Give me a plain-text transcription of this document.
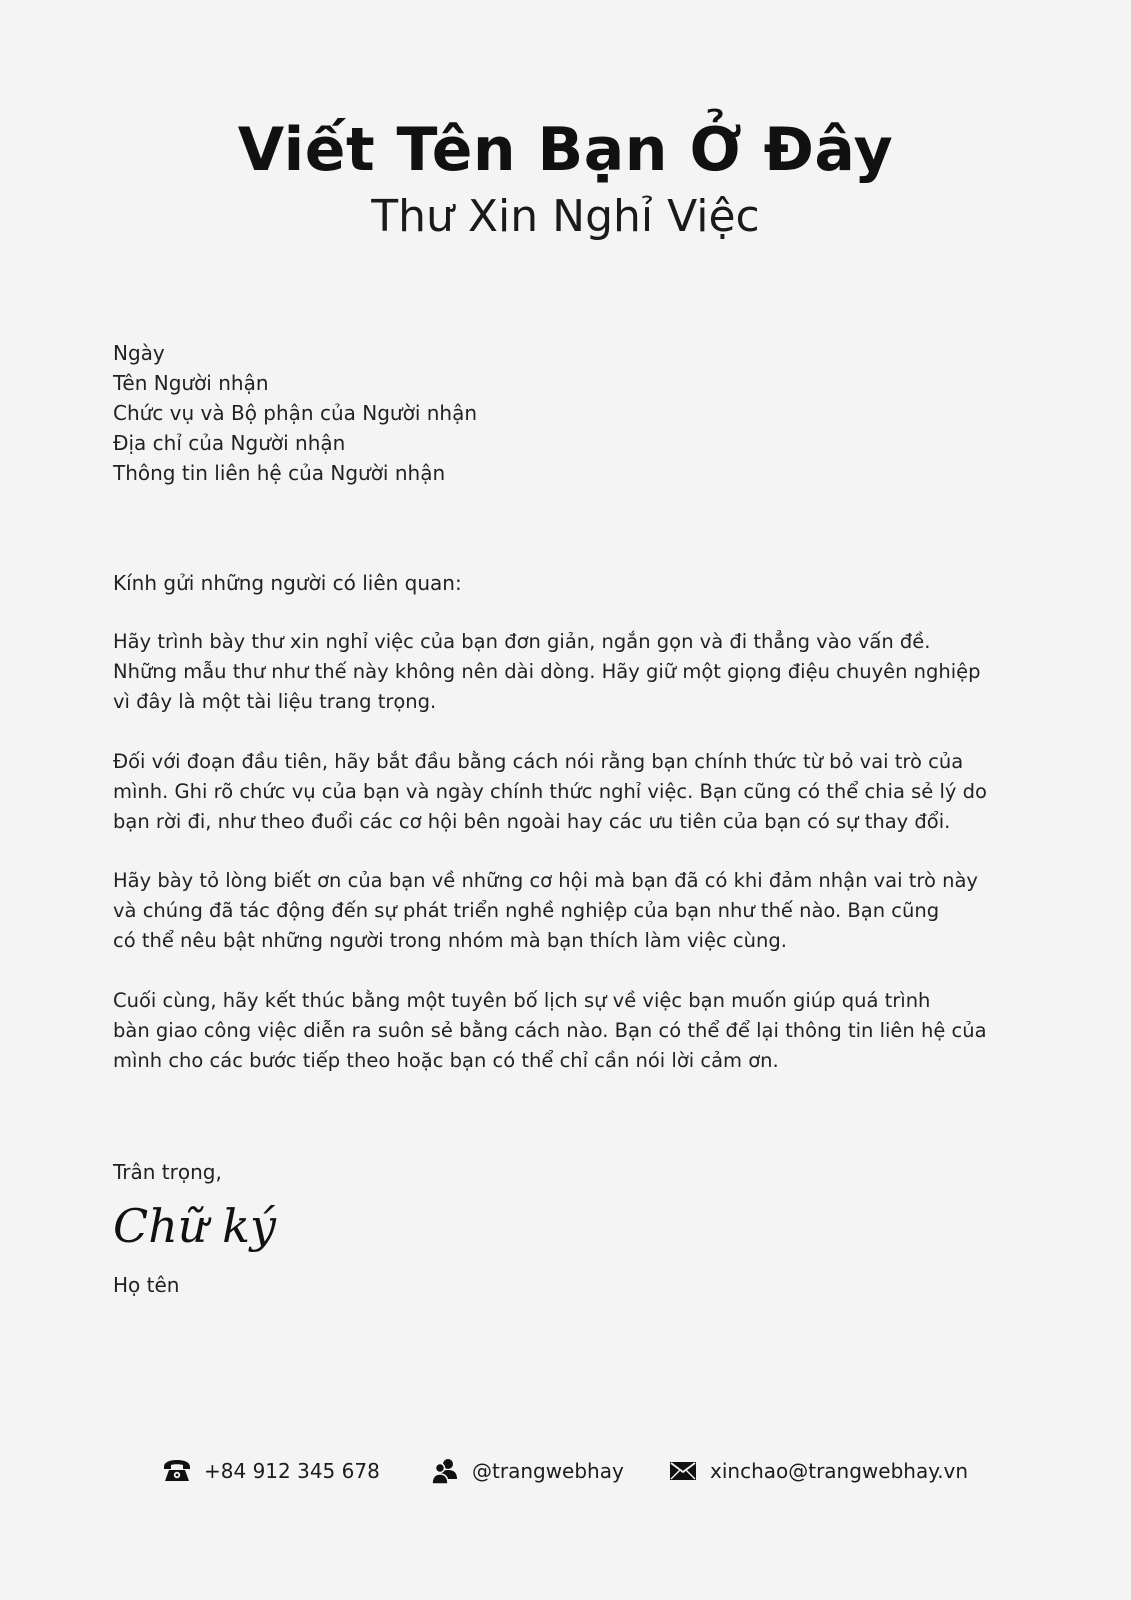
Viết Tên Bạn Ở Đây
Thư Xin Nghỉ Việc
Ngày
Tên Người nhận
Chức vụ và Bộ phận của Người nhận
Địa chỉ của Người nhận
Thông tin liên hệ của Người nhận
Kính gửi những người có liên quan:
Hãy trình bày thư xin nghỉ việc của bạn đơn giản, ngắn gọn và đi thẳng vào vấn đề.
Những mẫu thư như thế này không nên dài dòng. Hãy giữ một giọng điệu chuyên nghiệp
vì đây là một tài liệu trang trọng.
Đối với đoạn đầu tiên, hãy bắt đầu bằng cách nói rằng bạn chính thức từ bỏ vai trò của
mình. Ghi rõ chức vụ của bạn và ngày chính thức nghỉ việc. Bạn cũng có thể chia sẻ lý do
bạn rời đi, như theo đuổi các cơ hội bên ngoài hay các ưu tiên của bạn có sự thay đổi.
Hãy bày tỏ lòng biết ơn của bạn về những cơ hội mà bạn đã có khi đảm nhận vai trò này
và chúng đã tác động đến sự phát triển nghề nghiệp của bạn như thế nào. Bạn cũng
có thể nêu bật những người trong nhóm mà bạn thích làm việc cùng.
Cuối cùng, hãy kết thúc bằng một tuyên bố lịch sự về việc bạn muốn giúp quá trình
bàn giao công việc diễn ra suôn sẻ bằng cách nào. Bạn có thể để lại thông tin liên hệ của
mình cho các bước tiếp theo hoặc bạn có thể chỉ cần nói lời cảm ơn.
Trân trọng,
Chữ ký
Họ tên
+84 912 345 678	@trangwebhay	xinchao@trangwebhay.vn
